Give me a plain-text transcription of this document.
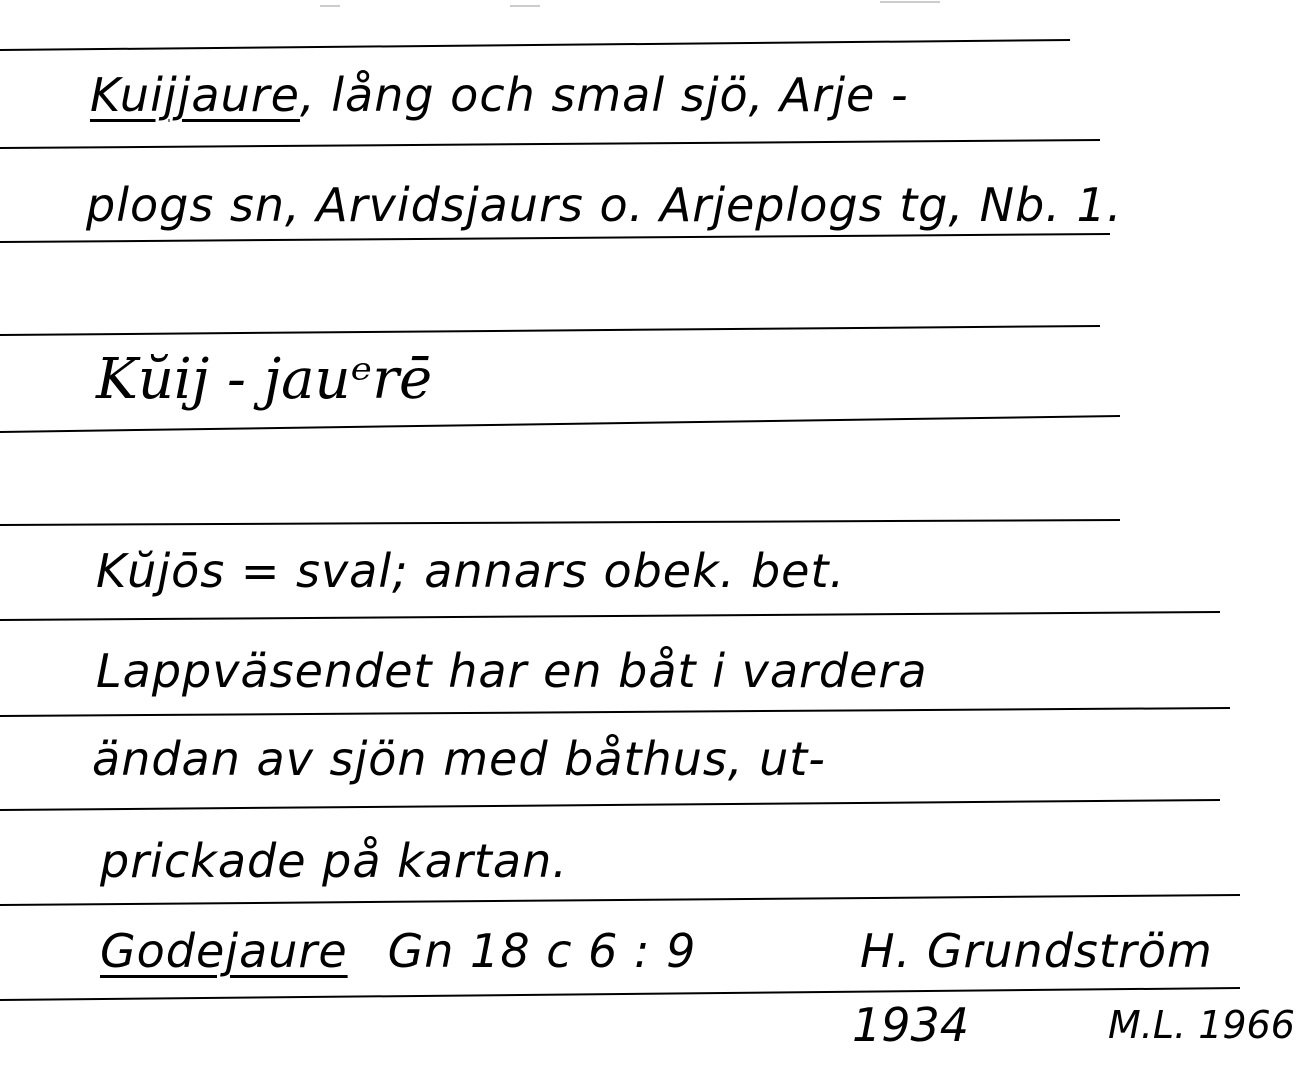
Kuijjaure, lång och smal sjö, Arje -
plogs sn, Arvidsjaurs o. Arjeplogs tg, Nb. 1.
Kŭij - jauᵉrē
Kŭjōs = sval; annars obek. bet.
Lappväsendet har en båt i vardera
ändan av sjön med båthus, ut-
prickade på kartan.
Godejaure Gn 18 c 6 : 9	H. Grundström
1934	M.L. 1966
